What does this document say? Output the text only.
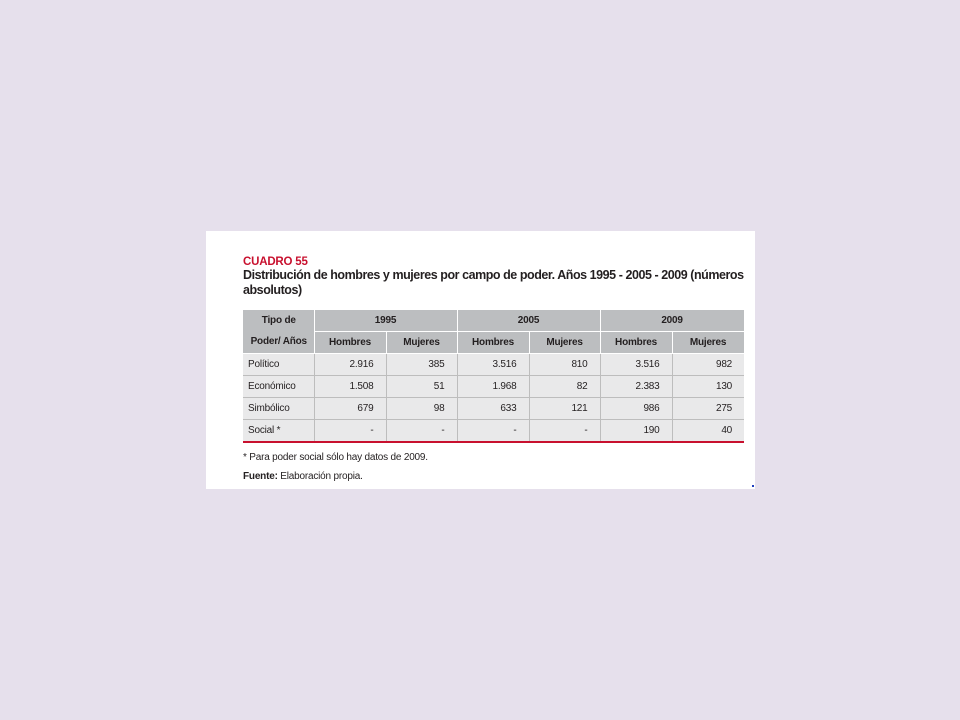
CUADRO 55
Distribución de hombres y mujeres por campo de poder. Años 1995 - 2005 - 2009 (números absolutos)
Tipo de
Poder/ Años	1995		2005		2009	
	Hombres	Mujeres	Hombres	Mujeres	Hombres	Mujeres
Político	2.916	385	3.516	810	3.516	982
Económico	1.508	51	1.968	82	2.383	130
Simbólico	679	98	633	121	986	275
Social *	-	-	-	-	190	40
* Para poder social sólo hay datos de 2009.
Fuente: Elaboración propia.
